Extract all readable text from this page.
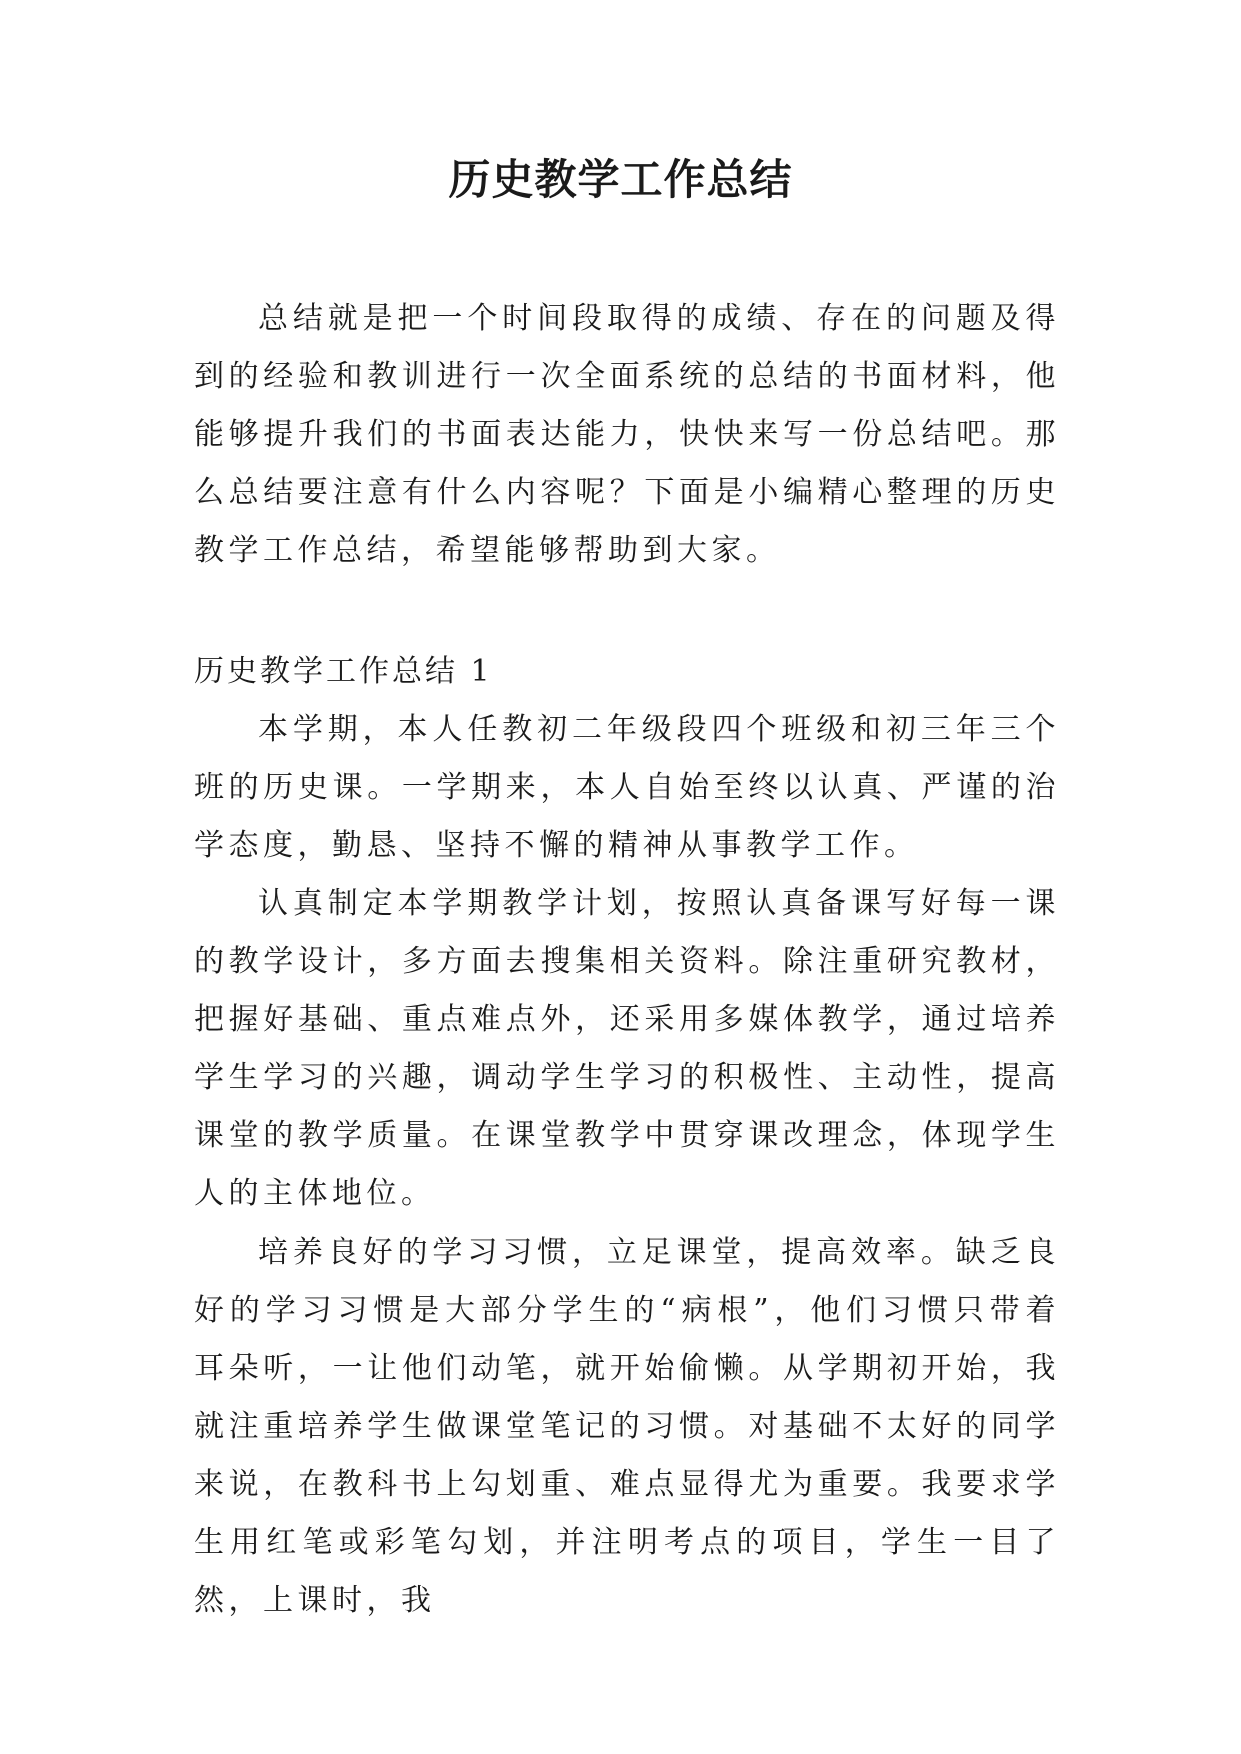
历史教学工作总结

总结就是把一个时间段取得的成绩、存在的问题及得到的经验和教训进行一次全面系统的总结的书面材料，他能够提升我们的书面表达能力，快快来写一份总结吧。那么总结要注意有什么内容呢？下面是小编精心整理的历史教学工作总结，希望能够帮助到大家。

历史教学工作总结 1

本学期，本人任教初二年级段四个班级和初三年三个班的历史课。一学期来，本人自始至终以认真、严谨的治学态度，勤恳、坚持不懈的精神从事教学工作。

认真制定本学期教学计划，按照认真备课写好每一课的教学设计，多方面去搜集相关资料。除注重研究教材，把握好基础、重点难点外，还采用多媒体教学，通过培养学生学习的兴趣，调动学生学习的积极性、主动性，提高课堂的教学质量。在课堂教学中贯穿课改理念，体现学生人的主体地位。

培养良好的学习习惯，立足课堂，提高效率。缺乏良好的学习习惯是大部分学生的“病根”，他们习惯只带着耳朵听，一让他们动笔，就开始偷懒。从学期初开始，我就注重培养学生做课堂笔记的习惯。对基础不太好的同学来说，在教科书上勾划重、难点显得尤为重要。我要求学生用红笔或彩笔勾划，并注明考点的项目，学生一目了然，上课时，我
